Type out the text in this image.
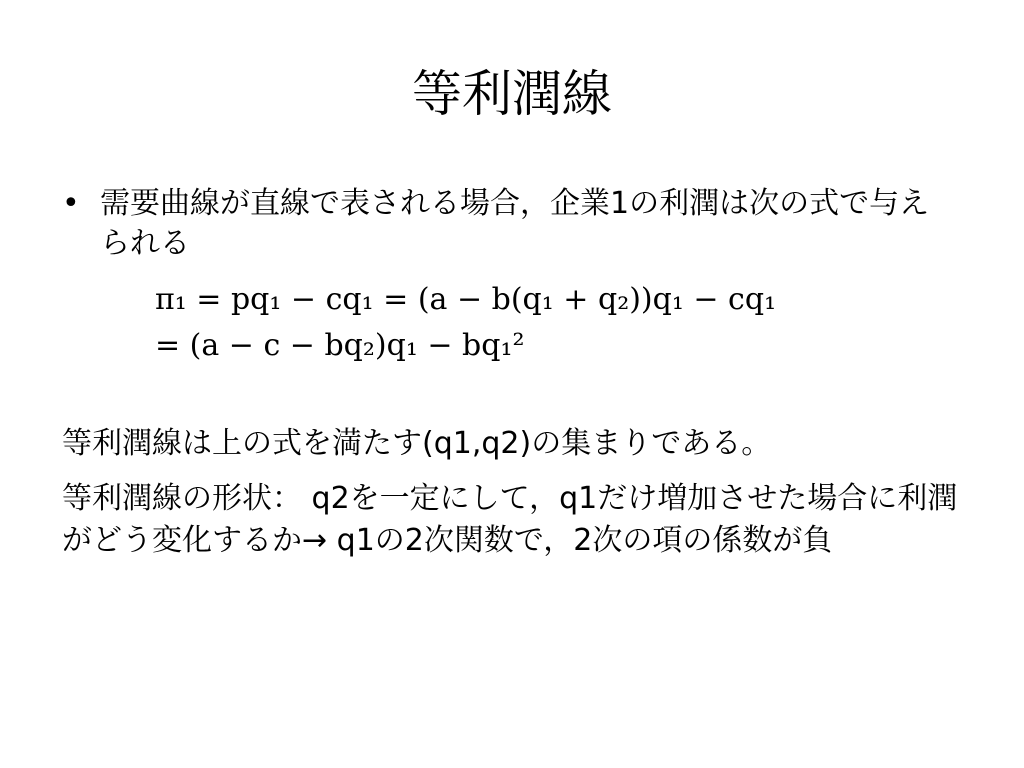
等利潤線
• 需要曲線が直線で表される場合，企業1の利潤は次の式で与えられる
π₁ = pq₁ − cq₁ = (a − b(q₁ + q₂))q₁ − cq₁
= (a − c − bq₂)q₁ − bq₁²
等利潤線は上の式を満たす(q1,q2)の集まりである。
等利潤線の形状： q2を一定にして，q1だけ増加させた場合に利潤がどう変化するか→ q1の2次関数で，2次の項の係数が負
